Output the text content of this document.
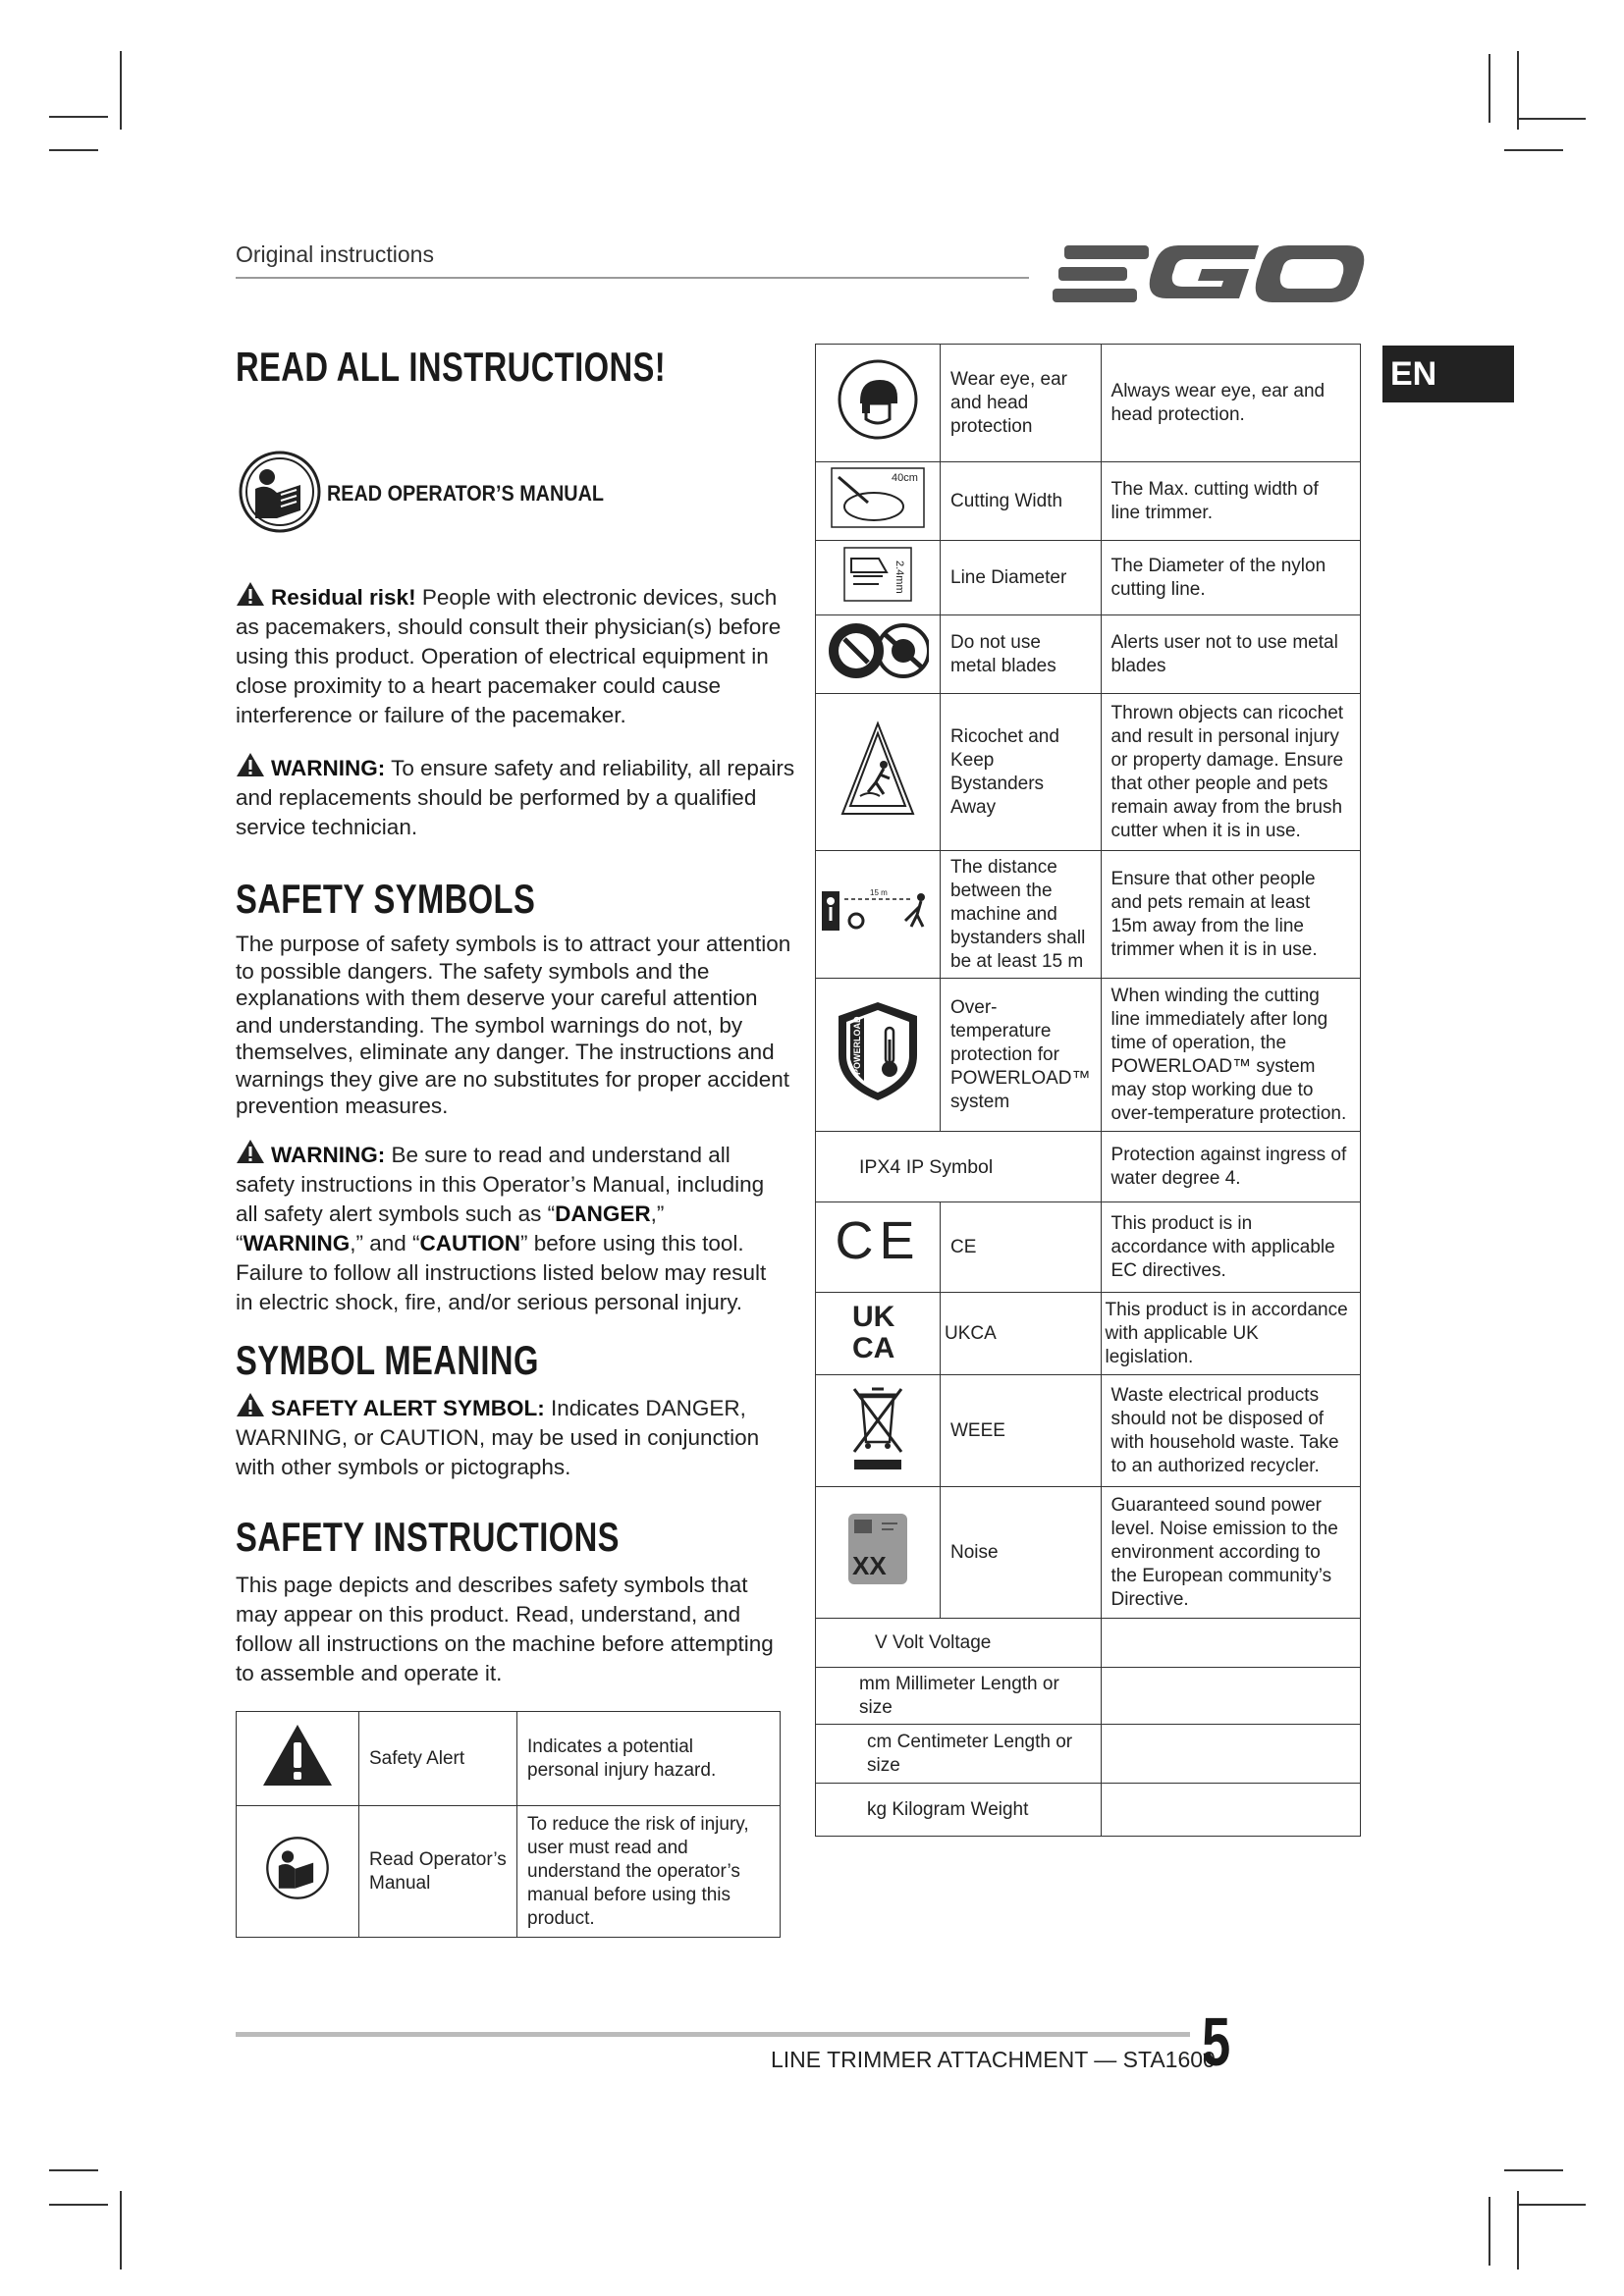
Original instructions
EN
READ ALL INSTRUCTIONS!
READ OPERATOR’S MANUAL
Residual risk! People with electronic devices, such as pacemakers, should consult their physician(s) before using this product. Operation of electrical equipment in close proximity to a heart pacemaker could cause interference or failure of the pacemaker.
WARNING: To ensure safety and reliability, all repairs and replacements should be performed by a qualified service technician.
SAFETY SYMBOLS
The purpose of safety symbols is to attract your attention to possible dangers. The safety symbols and the explanations with them deserve your careful attention and understanding. The symbol warnings do not, by themselves, eliminate any danger. The instructions and warnings they give are no substitutes for proper accident prevention measures.
WARNING: Be sure to read and understand all safety instructions in this Operator’s Manual, including all safety alert symbols such as “DANGER,” “WARNING,” and “CAUTION” before using this tool. Failure to follow all instructions listed below may result in electric shock, fire, and/or serious personal injury.
SYMBOL MEANING
SAFETY ALERT SYMBOL: Indicates DANGER, WARNING, or CAUTION, may be used in conjunction with other symbols or pictographs.
SAFETY INSTRUCTIONS
This page depicts and describes safety symbols that may appear on this product. Read, understand, and follow all instructions on the machine before attempting to assemble and operate it.
	Safety Alert	Indicates a potential personal injury hazard.
	Read Operator’s Manual	To reduce the risk of injury, user must read and understand the operator’s manual before using this product.
	Wear eye, ear and head protection	Always wear eye, ear and head protection.

40cm	Cutting Width	The Max. cutting width of line trimmer.

2.4mm	Line Diameter	The Diameter of the nylon cutting line.
	Do not use metal blades	Alerts user not to use metal blades
	Ricochet and Keep Bystanders Away	Thrown objects can ricochet and result in personal injury or property damage. Ensure that other people and pets remain away from the brush cutter when it is in use.

15 m	The distance between the machine and bystanders shall be at least 15 m	Ensure that other people and pets remain at least 15m away from the line trimmer when it is in use.

POWERLOAD	Over-temperature protection for POWERLOAD™ system	When winding the cutting line immediately after long time of operation, the POWERLOAD™ system may stop working due to over-temperature protection.
IPX4 IP Symbol		Protection against ingress of water degree 4.
CE	CE	This product is in accordance with applicable EC directives.

UK
CA	UKCA	This product is in accordance with applicable UK legislation.
	WEEE	Waste electrical products should not be disposed of with household waste. Take to an authorized recycler.

XX	Noise	Guaranteed sound power level. Noise emission to the environment according to the European community’s Directive.
V Volt Voltage		
mm Millimeter Length or size		
cm Centimeter Length or size		
kg Kilogram Weight		
LINE TRIMMER ATTACHMENT — STA1600
5
